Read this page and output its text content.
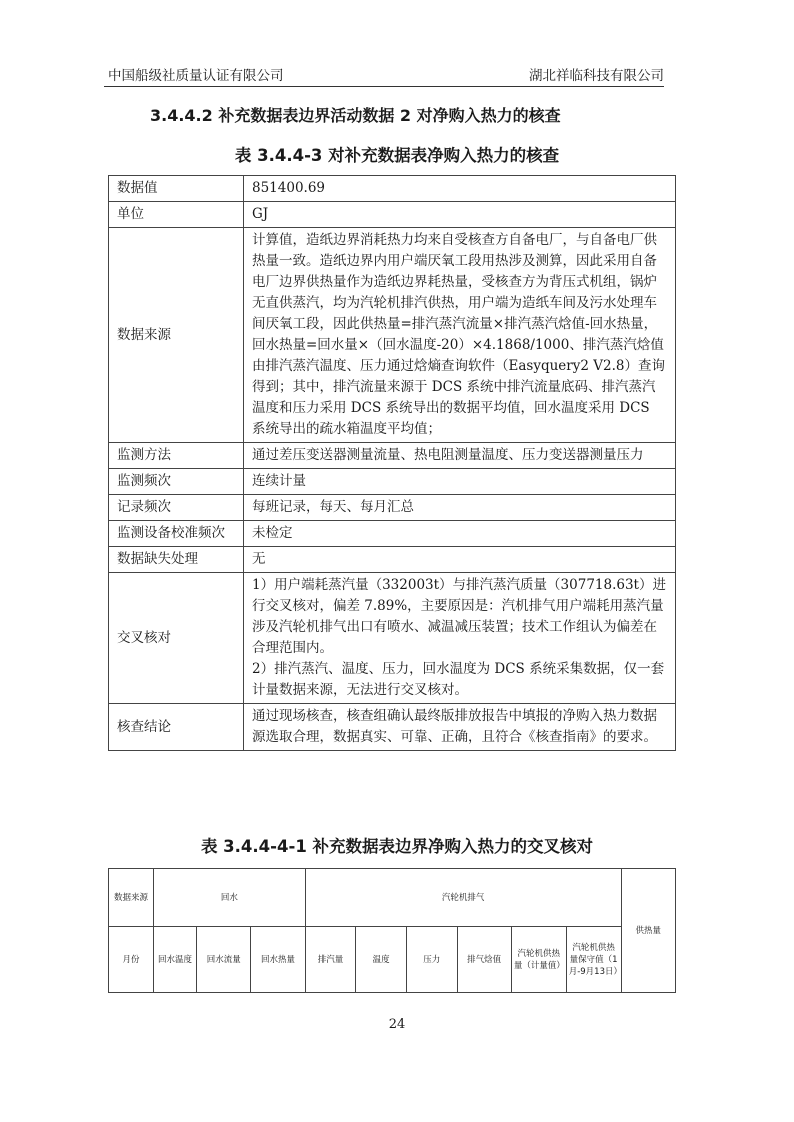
中国船级社质量认证有限公司	湖北祥临科技有限公司
3.4.4.2 补充数据表边界活动数据 2 对净购入热力的核查
表 3.4.4-3 对补充数据表净购入热力的核查
数据值	851400.69
单位	GJ
数据来源	计算值，造纸边界消耗热力均来自受核查方自备电厂，与自备电厂供热量一致。造纸边界内用户端厌氧工段用热涉及测算，因此采用自备电厂边界供热量作为造纸边界耗热量，受核查方为背压式机组，锅炉无直供蒸汽，均为汽轮机排汽供热，用户端为造纸车间及污水处理车间厌氧工段，因此供热量=排汽蒸汽流量×排汽蒸汽焓值-回水热量，回水热量=回水量×（回水温度-20）×4.1868/1000、排汽蒸汽焓值由排汽蒸汽温度、压力通过焓熵查询软件（Easyquery2 V2.8）查询得到；其中，排汽流量来源于 DCS 系统中排汽流量底码、排汽蒸汽温度和压力采用 DCS 系统导出的数据平均值，回水温度采用 DCS 系统导出的疏水箱温度平均值；
监测方法	通过差压变送器测量流量、热电阻测量温度、压力变送器测量压力
监测频次	连续计量
记录频次	每班记录，每天、每月汇总
监测设备校准频次	未检定
数据缺失处理	无
交叉核对	1）用户端耗蒸汽量（332003t）与排汽蒸汽质量（307718.63t）进行交叉核对，偏差 7.89%，主要原因是：汽机排气用户端耗用蒸汽量涉及汽轮机排气出口有喷水、减温减压装置；技术工作组认为偏差在合理范围内。
2）排汽蒸汽、温度、压力，回水温度为 DCS 系统采集数据，仅一套计量数据来源，无法进行交叉核对。

核查结论	通过现场核查，核查组确认最终版排放报告中填报的净购入热力数据源选取合理，数据真实、可靠、正确，且符合《核查指南》的要求。
表 3.4.4-4-1 补充数据表边界净购入热力的交叉核对
数据来源	回水			汽轮机排气						供热量
月份	回水温度	回水流量	回水热量	排汽量	温度	压力	排气焓值	汽轮机供热量（计量值）	汽轮机供热量保守值（1月-9月13日）	
24
